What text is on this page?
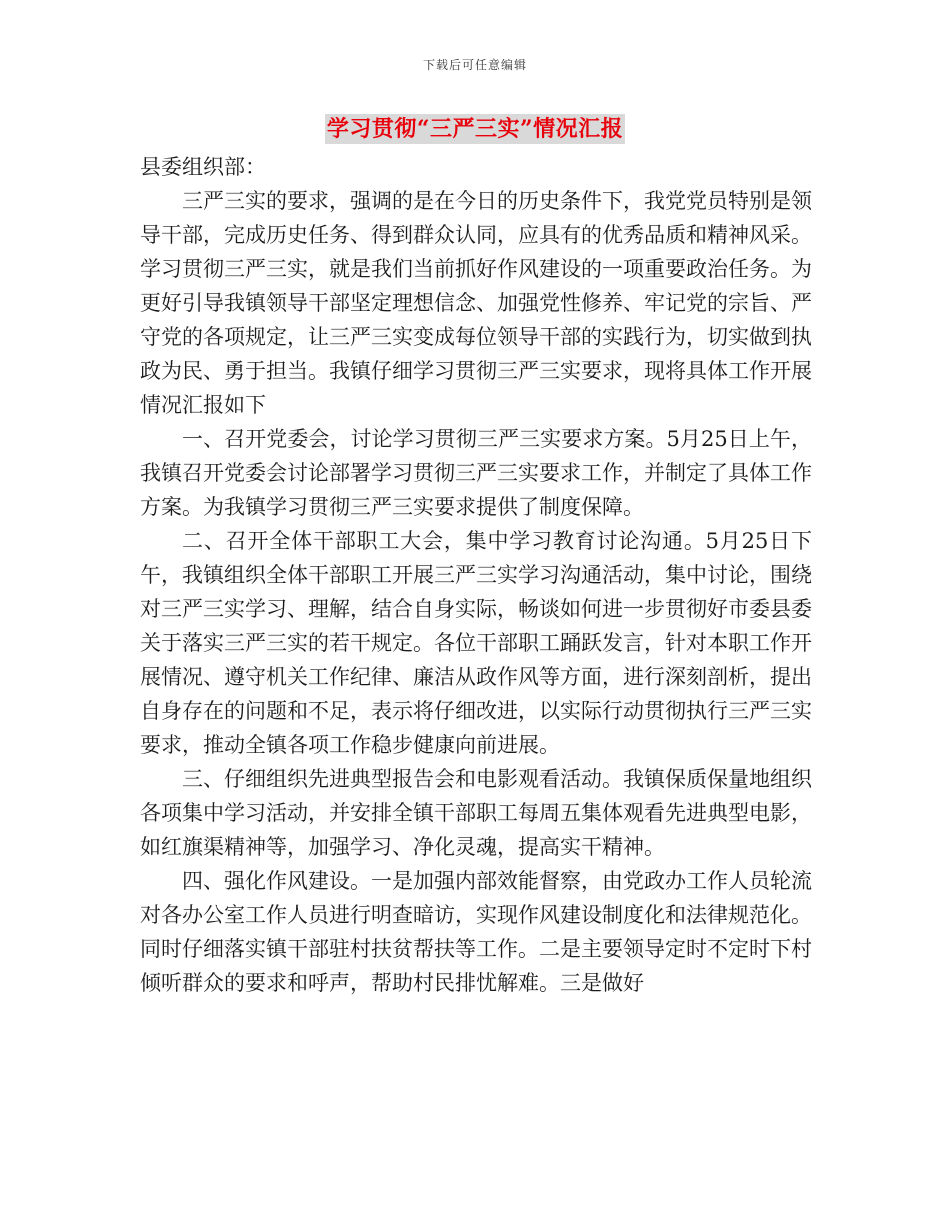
下载后可任意编辑
学习贯彻“三严三实”情况汇报

县委组织部：

三严三实的要求，强调的是在今日的历史条件下，我党党员特别是领导干部，完成历史任务、得到群众认同，应具有的优秀品质和精神风采。学习贯彻三严三实，就是我们当前抓好作风建设的一项重要政治任务。为更好引导我镇领导干部坚定理想信念、加强党性修养、牢记党的宗旨、严守党的各项规定，让三严三实变成每位领导干部的实践行为，切实做到执政为民、勇于担当。我镇仔细学习贯彻三严三实要求，现将具体工作开展情况汇报如下

一、召开党委会，讨论学习贯彻三严三实要求方案。5月25日上午，我镇召开党委会讨论部署学习贯彻三严三实要求工作，并制定了具体工作方案。为我镇学习贯彻三严三实要求提供了制度保障。

二、召开全体干部职工大会，集中学习教育讨论沟通。5月25日下午，我镇组织全体干部职工开展三严三实学习沟通活动，集中讨论，围绕对三严三实学习、理解，结合自身实际，畅谈如何进一步贯彻好市委县委关于落实三严三实的若干规定。各位干部职工踊跃发言，针对本职工作开展情况、遵守机关工作纪律、廉洁从政作风等方面，进行深刻剖析，提出自身存在的问题和不足，表示将仔细改进，以实际行动贯彻执行三严三实要求，推动全镇各项工作稳步健康向前进展。

三、仔细组织先进典型报告会和电影观看活动。我镇保质保量地组织各项集中学习活动，并安排全镇干部职工每周五集体观看先进典型电影，如红旗渠精神等，加强学习、净化灵魂，提高实干精神。

四、强化作风建设。一是加强内部效能督察，由党政办工作人员轮流对各办公室工作人员进行明查暗访，实现作风建设制度化和法律规范化。同时仔细落实镇干部驻村扶贫帮扶等工作。二是主要领导定时不定时下村倾听群众的要求和呼声，帮助村民排忧解难。三是做好
